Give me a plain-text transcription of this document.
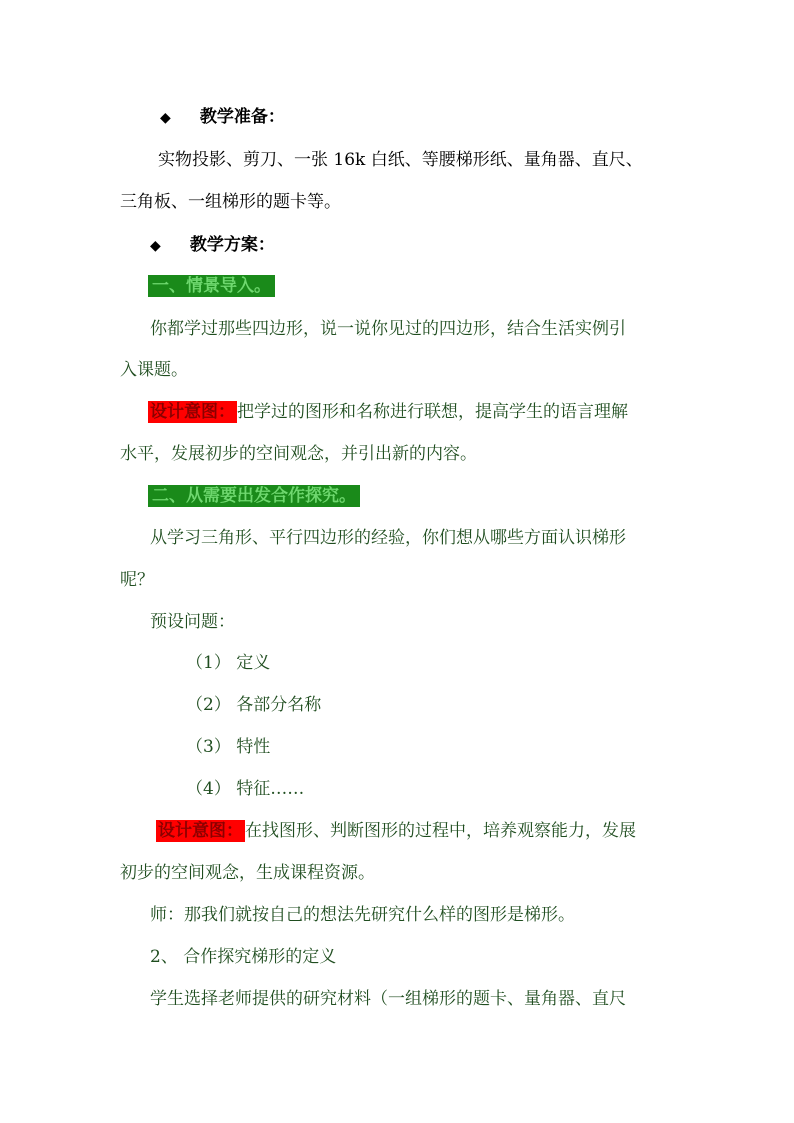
◆ 教学准备：
实物投影、剪刀、一张 16k 白纸、等腰梯形纸、量角器、直尺、
三角板、一组梯形的题卡等。
◆ 教学方案：
一、情景导入。
你都学过那些四边形，说一说你见过的四边形，结合生活实例引
入课题。
设计意图： 把学过的图形和名称进行联想，提高学生的语言理解
水平，发展初步的空间观念，并引出新的内容。
二、从需要出发合作探究。
从学习三角形、平行四边形的经验，你们想从哪些方面认识梯形
呢？
预设问题：
（1） 定义
（2） 各部分名称
（3） 特性
（4） 特征……
设计意图： 在找图形、判断图形的过程中，培养观察能力，发展
初步的空间观念，生成课程资源。
师：那我们就按自己的想法先研究什么样的图形是梯形。
2、 合作探究梯形的定义
学生选择老师提供的研究材料（一组梯形的题卡、量角器、直尺
